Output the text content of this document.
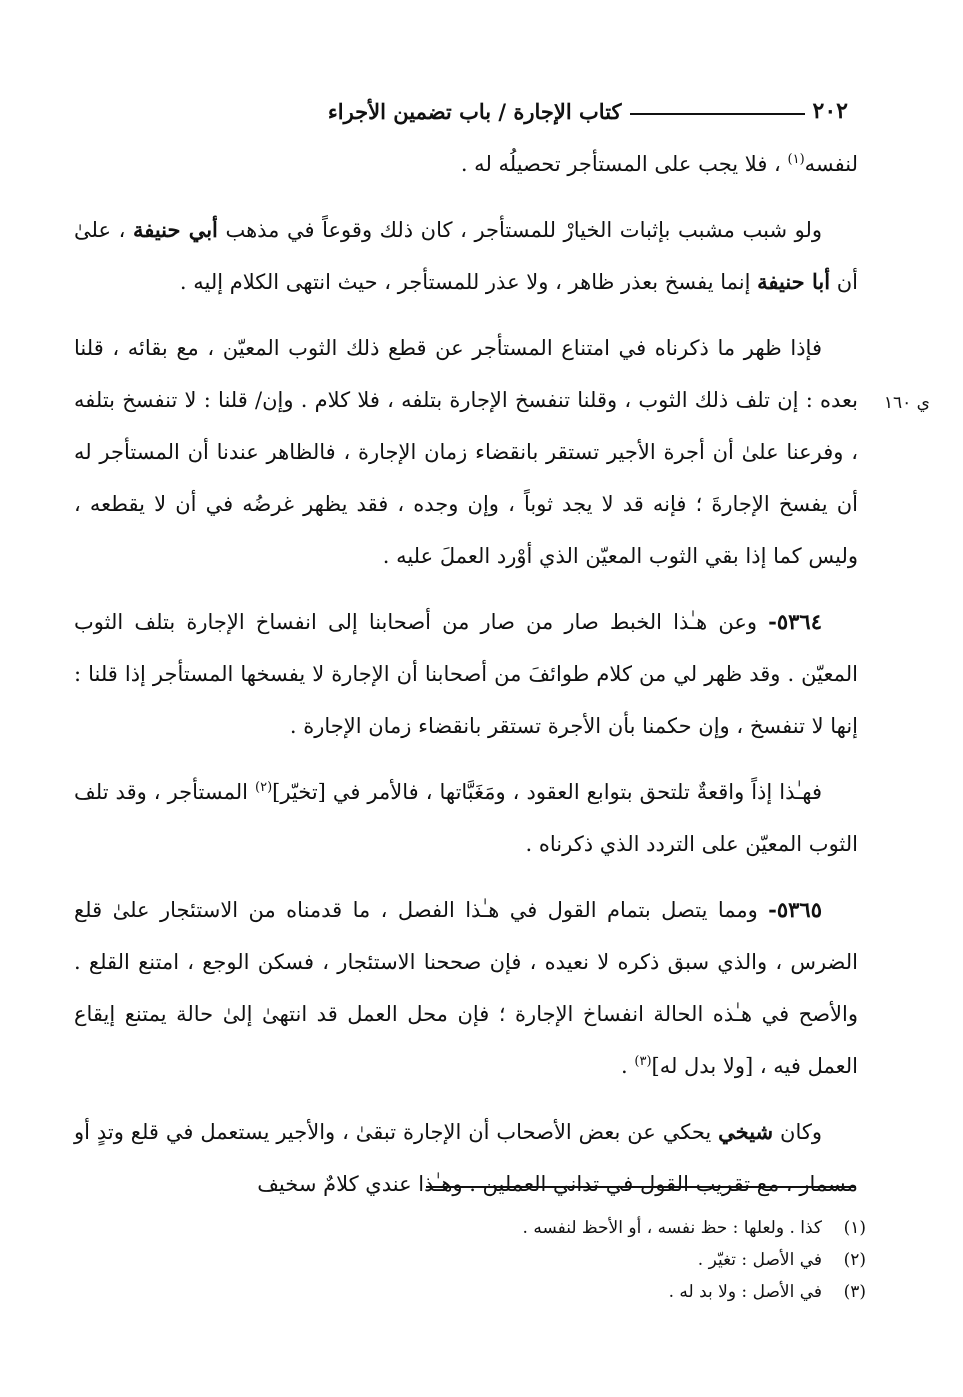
٢٠٢
كتاب الإجارة / باب تضمين الأجراء
ي ١٦٠

لنفسه$^{(١)}$ ، فلا يجب على المستأجر تحصيلُه له .

ولو شبب مشبب بإثبات الخيارْ للمستأجر ، كان ذلك وقوعاً في مذهب أبي حنيفة ، علىٰ أن أبا حنيفة إنما يفسخ بعذر ظاهر ، ولا عذر للمستأجر ، حيث انتهى الكلام إليه .

فإذا ظهر ما ذكرناه في امتناع المستأجر عن قطع ذلك الثوب المعيّن ، مع بقائه ، قلنا بعده : إن تلف ذلك الثوب ، وقلنا تنفسخ الإجارة بتلفه ، فلا كلام . وإن/ قلنا : لا تنفسخ بتلفه ، وفرعنا علىٰ أن أجرة الأجير تستقر بانقضاء زمان الإجارة ، فالظاهر عندنا أن المستأجر له أن يفسخ الإجارةَ ؛ فإنه قد لا يجد ثوباً ، وإن وجده ، فقد يظهر غرضُه في أن لا يقطعه ، وليس كما إذا بقي الثوب المعيّن الذي أوْرد العملَ عليه .

٥٣٦٤- وعن هـٰذا الخبط صار من صار من أصحابنا إلى انفساخ الإجارة بتلف الثوب المعيّن . وقد ظهر لي من كلام طوائفَ من أصحابنا أن الإجارة لا يفسخها المستأجر إذا قلنا : إنها لا تنفسخ ، وإن حكمنا بأن الأجرة تستقر بانقضاء زمان الإجارة .

فهـٰذا إذاً واقعةٌ تلتحق بتوابع العقود ، ومَغَبَّاتها ، فالأمر في [تخيّر]$^{(٢)}$ المستأجر ، وقد تلف الثوب المعيّن على التردد الذي ذكرناه .

٥٣٦٥- ومما يتصل بتمام القول في هـٰذا الفصل ، ما قدمناه من الاستئجار علىٰ قلع الضرس ، والذي سبق ذكره لا نعيده ، فإن صححنا الاستئجار ، فسكن الوجع ، امتنع القلع . والأصح في هـٰذه الحالة انفساخ الإجارة ؛ فإن محل العمل قد انتهىٰ إلىٰ حالة يمتنع إيقاع العمل فيه ، [ولا بدل له]$^{(٣)}$ .

وكان شيخي يحكي عن بعض الأصحاب أن الإجارة تبقىٰ ، والأجير يستعمل في قلع وتدٍ أو مسمار ، مع تقريب القول في تداني العملين . وهـٰذا عندي كلامٌ سخيف

(١)
كذا . ولعلها : حظ نفسه ، أو الأحظ لنفسه .
(٢)
في الأصل : تغيّر .
(٣)
في الأصل : ولا بد له .
